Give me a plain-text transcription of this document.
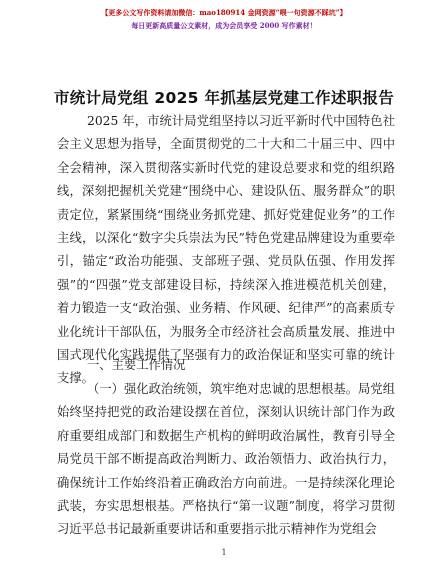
【更多公文写作资料请加微信：mao180914 金网资源“喂一句资源不踩坑”】
每日更新高质量公文素材，成为会员享受 2000 写作素材！
市统计局党组 2025 年抓基层党建工作述职报告
2025 年，市统计局党组坚持以习近平新时代中国特色社会主义思想为指导，全面贯彻党的二十大和二十届三中、四中全会精神，深入贯彻落实新时代党的建设总要求和党的组织路线，深刻把握机关党建“围绕中心、建设队伍、服务群众”的职责定位，紧紧围绕“围绕业务抓党建、抓好党建促业务”的工作主线，以深化“数字尖兵崇法为民”特色党建品牌建设为重要牵引，锚定“政治功能强、支部班子强、党员队伍强、作用发挥强”的“四强”党支部建设目标，持续深入推进模范机关创建，着力锻造一支“政治强、业务精、作风硬、纪律严”的高素质专业化统计干部队伍，为服务全市经济社会高质量发展、推进中国式现代化实践提供了坚强有力的政治保证和坚实可靠的统计支撑。
一、主要工作情况
（一）强化政治统领，筑牢绝对忠诚的思想根基。局党组始终坚持把党的政治建设摆在首位，深刻认识统计部门作为政府重要组成部门和数据生产机构的鲜明政治属性，教育引导全局党员干部不断提高政治判断力、政治领悟力、政治执行力，确保统计工作始终沿着正确政治方向前进。一是持续深化理论武装，夯实思想根基。严格执行“第一议题”制度，将学习贯彻习近平总书记最新重要讲话和重要指示批示精神作为党组会
1
